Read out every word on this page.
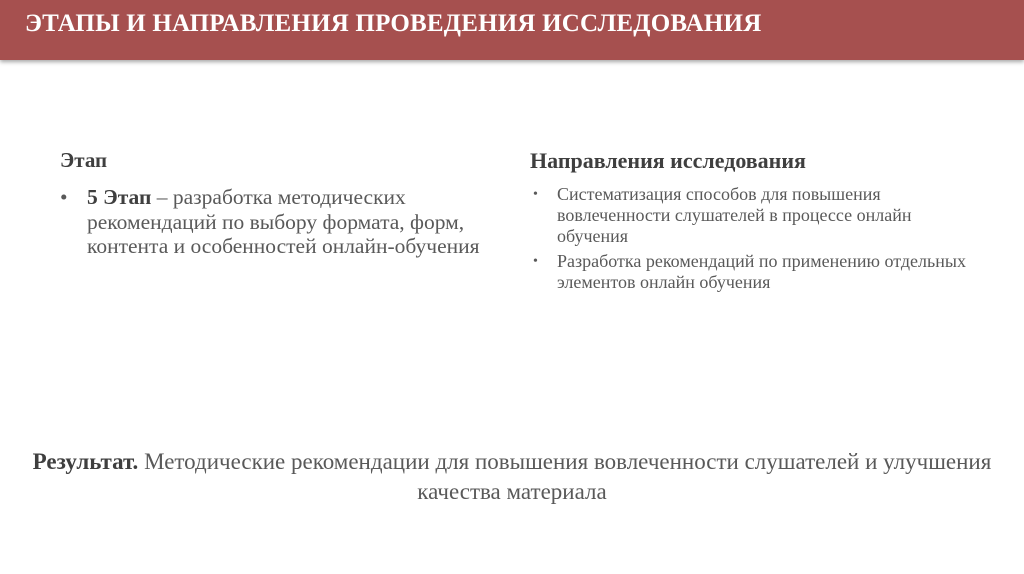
ЭТАПЫ И НАПРАВЛЕНИЯ ПРОВЕДЕНИЯ ИССЛЕДОВАНИЯ
Этап
• 5 Этап – разработка методических рекомендаций по выбору формата, форм, контента и особенностей онлайн-обучения
Направления исследования
• Систематизация способов для повышения вовлеченности слушателей в процессе онлайн обучения
• Разработка рекомендаций по применению отдельных элементов онлайн обучения
Результат. Методические рекомендации для повышения вовлеченности слушателей и улучшения качества материала
